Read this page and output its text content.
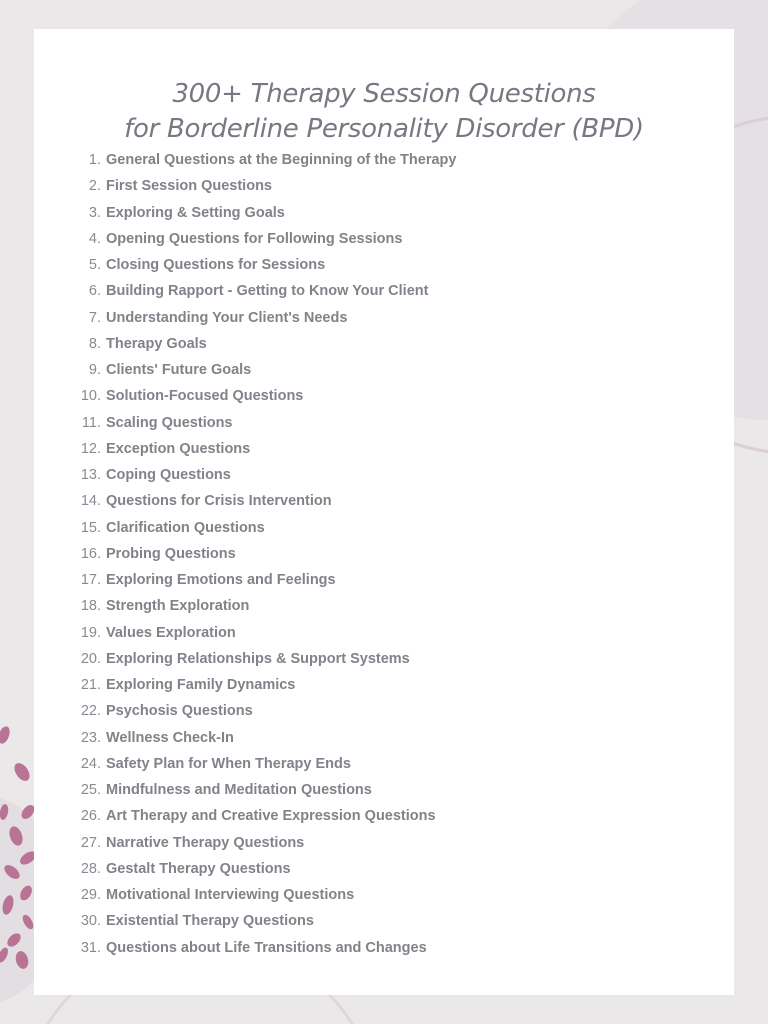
300+ Therapy Session Questions
for Borderline Personality Disorder (BPD)
1. General Questions at the Beginning of the Therapy
2. First Session Questions
3. Exploring & Setting Goals
4. Opening Questions for Following Sessions
5. Closing Questions for Sessions
6. Building Rapport - Getting to Know Your Client
7. Understanding Your Client's Needs
8. Therapy Goals
9. Clients' Future Goals
10. Solution-Focused Questions
11. Scaling Questions
12. Exception Questions
13. Coping Questions
14. Questions for Crisis Intervention
15. Clarification Questions
16. Probing Questions
17. Exploring Emotions and Feelings
18. Strength Exploration
19. Values Exploration
20. Exploring Relationships & Support Systems
21. Exploring Family Dynamics
22. Psychosis Questions
23. Wellness Check-In
24. Safety Plan for When Therapy Ends
25. Mindfulness and Meditation Questions
26. Art Therapy and Creative Expression Questions
27. Narrative Therapy Questions
28. Gestalt Therapy Questions
29. Motivational Interviewing Questions
30. Existential Therapy Questions
31. Questions about Life Transitions and Changes
